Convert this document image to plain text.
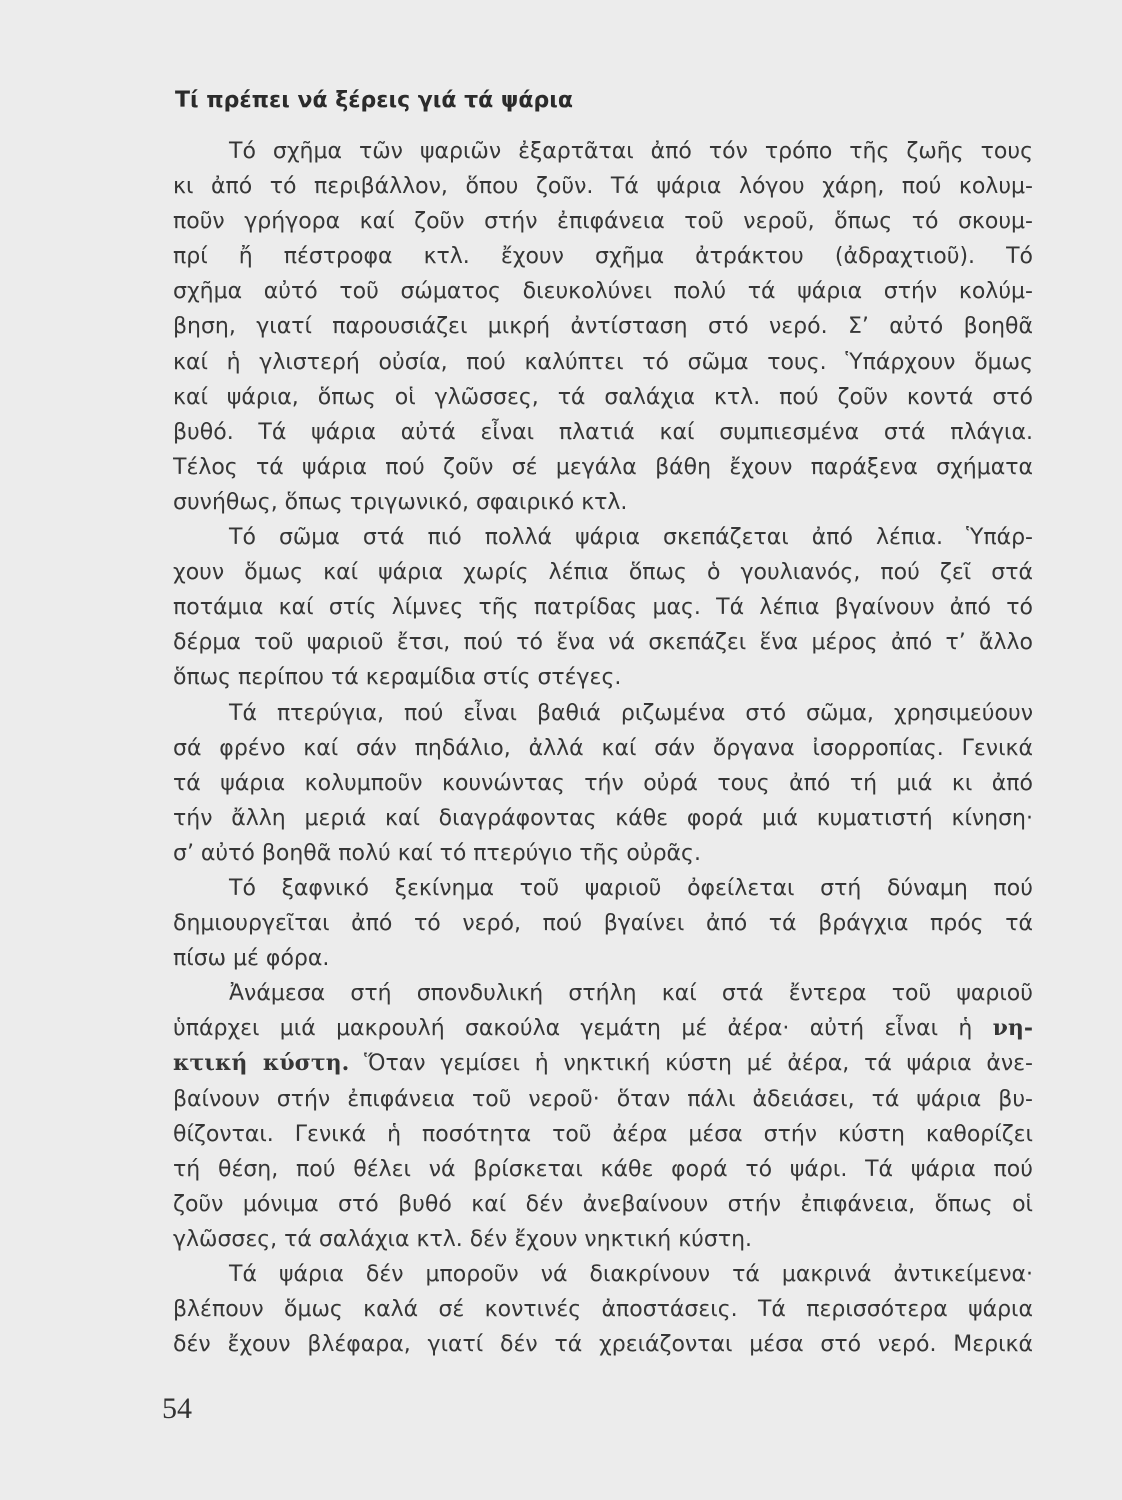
Τί πρέπει νά ξέρεις γιά τά ψάρια
Τό σχῆμα τῶν ψαριῶν ἐξαρτᾶται ἀπό τόν τρόπο τῆς ζωῆς τους
κι ἀπό τό περιβάλλον, ὅπου ζοῦν. Τά ψάρια λόγου χάρη, πού κολυμ-
ποῦν γρήγορα καί ζοῦν στήν ἐπιφάνεια τοῦ νεροῦ, ὅπως τό σκουμ-
πρί ἤ πέστροφα κτλ. ἔχουν σχῆμα ἀτράκτου (ἀδραχτιοῦ). Τό
σχῆμα αὐτό τοῦ σώματος διευκολύνει πολύ τά ψάρια στήν κολύμ-
βηση, γιατί παρουσιάζει μικρή ἀντίσταση στό νερό. Σ’ αὐτό βοηθᾶ
καί ἡ γλιστερή οὐσία, πού καλύπτει τό σῶμα τους. Ὑπάρχουν ὅμως
καί ψάρια, ὅπως οἱ γλῶσσες, τά σαλάχια κτλ. πού ζοῦν κοντά στό
βυθό. Τά ψάρια αὐτά εἶναι πλατιά καί συμπιεσμένα στά πλάγια.
Τέλος τά ψάρια πού ζοῦν σέ μεγάλα βάθη ἔχουν παράξενα σχήματα
συνήθως, ὅπως τριγωνικό, σφαιρικό κτλ.
Τό σῶμα στά πιό πολλά ψάρια σκεπάζεται ἀπό λέπια. Ὑπάρ-
χουν ὅμως καί ψάρια χωρίς λέπια ὅπως ὁ γουλιανός, πού ζεῖ στά
ποτάμια καί στίς λίμνες τῆς πατρίδας μας. Τά λέπια βγαίνουν ἀπό τό
δέρμα τοῦ ψαριοῦ ἔτσι, πού τό ἕνα νά σκεπάζει ἕνα μέρος ἀπό τ’ ἄλλο
ὅπως περίπου τά κεραμίδια στίς στέγες.
Τά πτερύγια, πού εἶναι βαθιά ριζωμένα στό σῶμα, χρησιμεύουν
σά φρένο καί σάν πηδάλιο, ἀλλά καί σάν ὄργανα ἰσορροπίας. Γενικά
τά ψάρια κολυμποῦν κουνώντας τήν οὐρά τους ἀπό τή μιά κι ἀπό
τήν ἄλλη μεριά καί διαγράφοντας κάθε φορά μιά κυματιστή κίνηση·
σ’ αὐτό βοηθᾶ πολύ καί τό πτερύγιο τῆς οὐρᾶς.
Τό ξαφνικό ξεκίνημα τοῦ ψαριοῦ ὀφείλεται στή δύναμη πού
δημιουργεῖται ἀπό τό νερό, πού βγαίνει ἀπό τά βράγχια πρός τά
πίσω μέ φόρα.
Ἀνάμεσα στή σπονδυλική στήλη καί στά ἔντερα τοῦ ψαριοῦ
ὑπάρχει μιά μακρουλή σακούλα γεμάτη μέ ἀέρα· αὐτή εἶναι ἡ νη-
κτική κύστη. Ὅταν γεμίσει ἡ νηκτική κύστη μέ ἀέρα, τά ψάρια ἀνε-
βαίνουν στήν ἐπιφάνεια τοῦ νεροῦ· ὅταν πάλι ἀδειάσει, τά ψάρια βυ-
θίζονται. Γενικά ἡ ποσότητα τοῦ ἀέρα μέσα στήν κύστη καθορίζει
τή θέση, πού θέλει νά βρίσκεται κάθε φορά τό ψάρι. Τά ψάρια πού
ζοῦν μόνιμα στό βυθό καί δέν ἀνεβαίνουν στήν ἐπιφάνεια, ὅπως οἱ
γλῶσσες, τά σαλάχια κτλ. δέν ἔχουν νηκτική κύστη.
Τά ψάρια δέν μποροῦν νά διακρίνουν τά μακρινά ἀντικείμενα·
βλέπουν ὅμως καλά σέ κοντινές ἀποστάσεις. Τά περισσότερα ψάρια
δέν ἔχουν βλέφαρα, γιατί δέν τά χρειάζονται μέσα στό νερό. Μερικά
54
